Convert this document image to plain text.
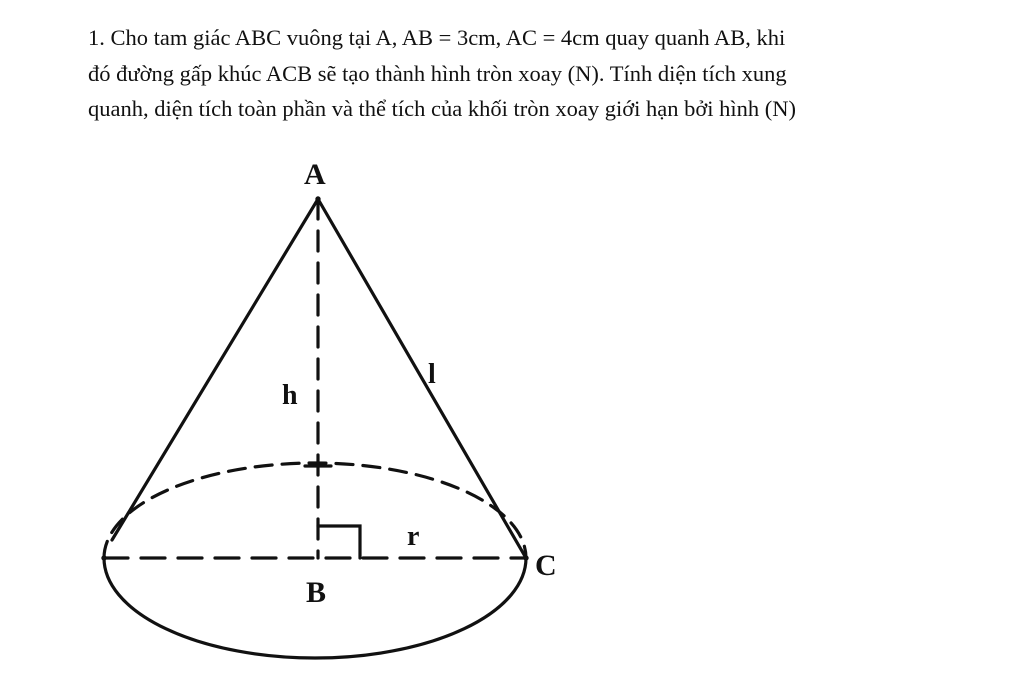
1. Cho tam giác ABC vuông tại A, AB = 3cm, AC = 4cm quay quanh AB, khi
đó đường gấp khúc ACB sẽ tạo thành hình tròn xoay (N). Tính diện tích xung
quanh, diện tích toàn phần và thể tích của khối tròn xoay giới hạn bởi hình (N)
A
B
C
h
l
r
